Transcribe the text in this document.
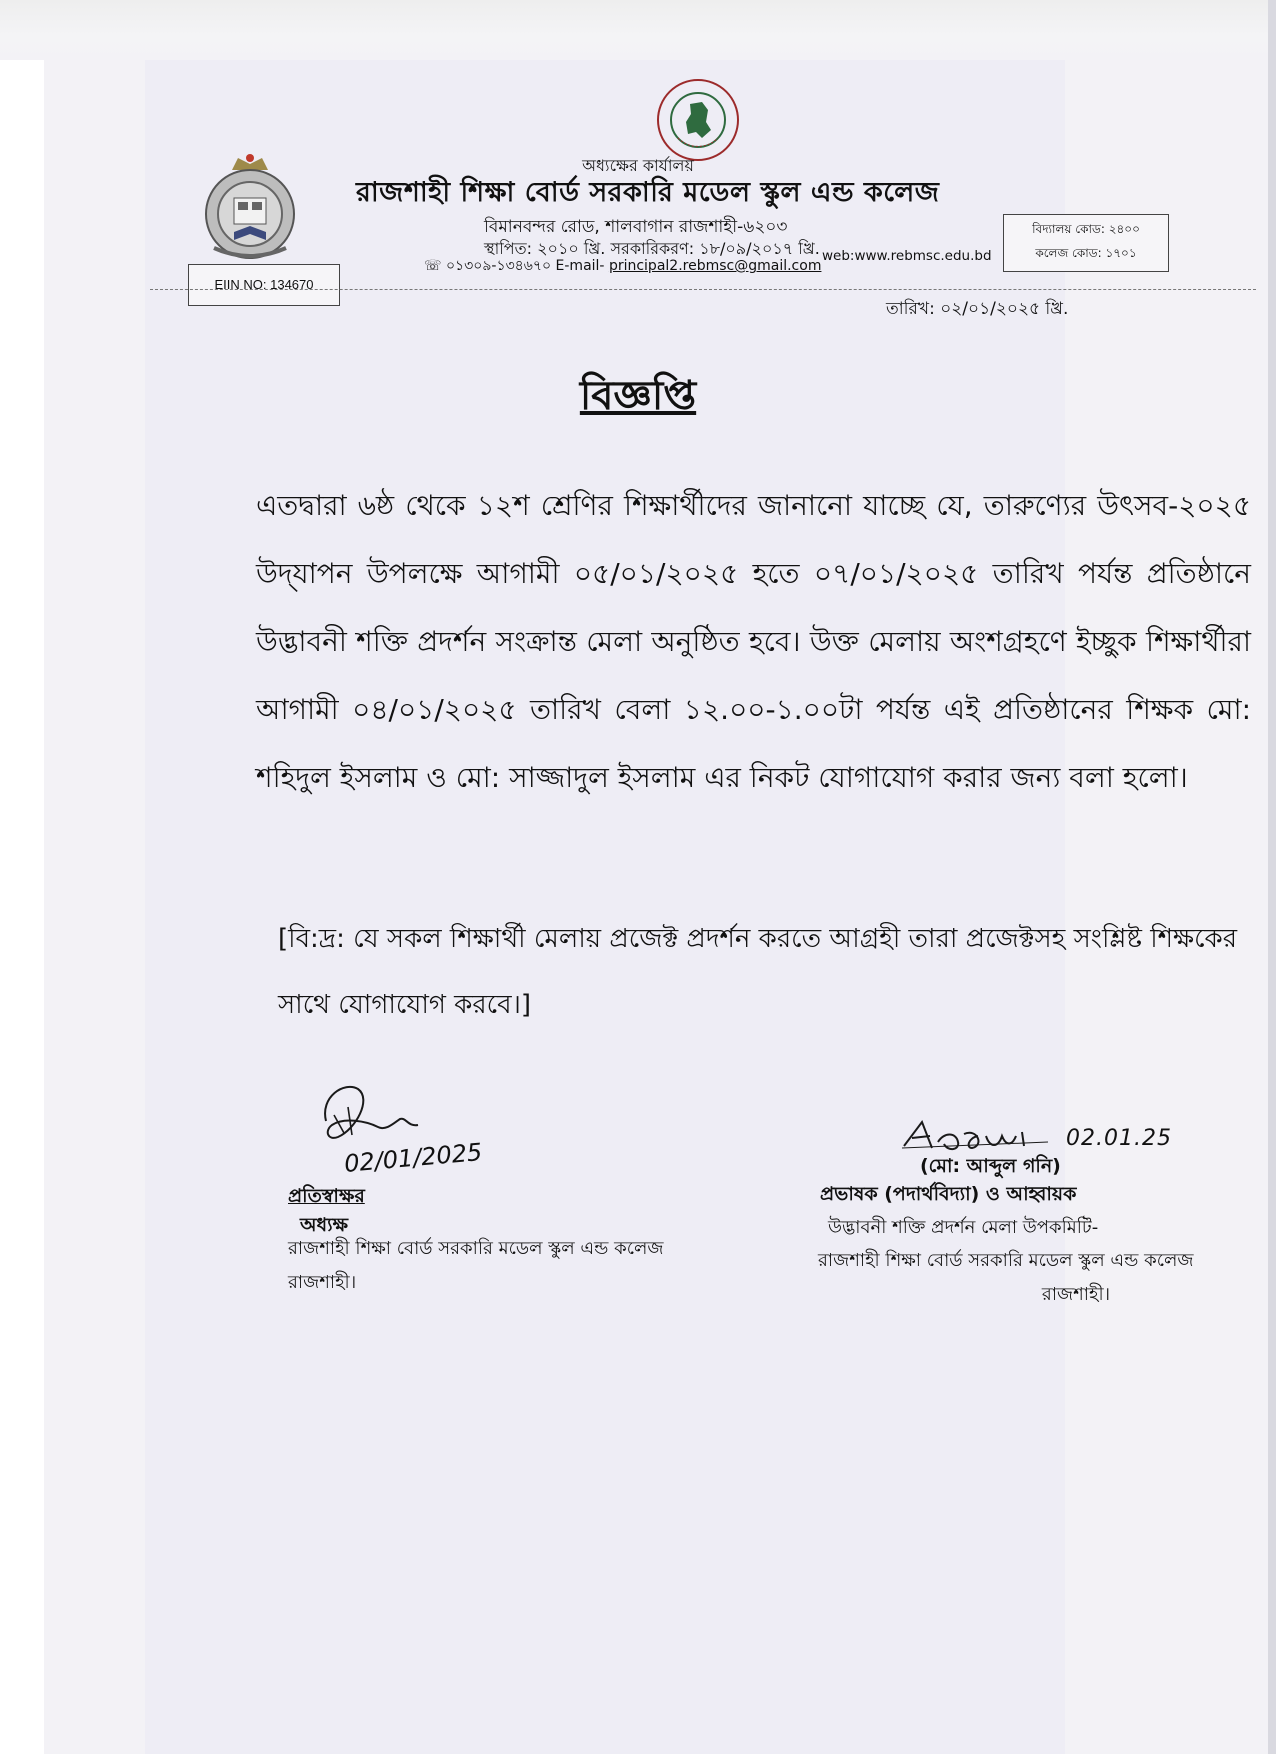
অধ্যক্ষের কার্যালয়
রাজশাহী শিক্ষা বোর্ড সরকারি মডেল স্কুল এন্ড কলেজ
বিমানবন্দর রোড, শালবাগান রাজশাহী-৬২০৩
স্থাপিত: ২০১০ খ্রি. সরকারিকরণ: ১৮/০৯/২০১৭ খ্রি.
☏ ০১৩০৯-১৩৪৬৭০ E-mail- principal2.rebmsc@gmail.com
web:www.rebmsc.edu.bd
বিদ্যালয় কোড: ২৪০০
কলেজ কোড: ১৭০১
EIIN NO: 134670
তারিখ: ০২/০১/২০২৫ খ্রি.
বিজ্ঞপ্তি
এতদ্বারা ৬ষ্ঠ থেকে ১২শ শ্রেণির শিক্ষার্থীদের জানানো যাচ্ছে যে, তারুণ্যের উৎসব-২০২৫ উদ্‌যাপন উপলক্ষে আগামী ০৫/০১/২০২৫ হতে ০৭/০১/২০২৫ তারিখ পর্যন্ত প্রতিষ্ঠানে উদ্ভাবনী শক্তি প্রদর্শন সংক্রান্ত মেলা অনুষ্ঠিত হবে। উক্ত মেলায় অংশগ্রহণে ইচ্ছুক শিক্ষার্থীরা আগামী ০৪/০১/২০২৫ তারিখ বেলা ১২.০০-১.০০টা পর্যন্ত এই প্রতিষ্ঠানের শিক্ষক মো: শহিদুল ইসলাম ও মো: সাজ্জাদুল ইসলাম এর নিকট যোগাযোগ করার জন্য বলা হলো।
[বি:দ্র: যে সকল শিক্ষার্থী মেলায় প্রজেক্ট প্রদর্শন করতে আগ্রহী তারা প্রজেক্টসহ সংশ্লিষ্ট শিক্ষকের সাথে যোগাযোগ করবে।]
02/01/2025
প্রতিস্বাক্ষর
অধ্যক্ষ
রাজশাহী শিক্ষা বোর্ড সরকারি মডেল স্কুল এন্ড কলেজ
রাজশাহী।
02.01.25
(মো: আব্দুল গনি)
প্রভাষক (পদার্থবিদ্যা) ও আহ্বায়ক
উদ্ভাবনী শক্তি প্রদর্শন মেলা উপকমিটি-
রাজশাহী শিক্ষা বোর্ড সরকারি মডেল স্কুল এন্ড কলেজ
রাজশাহী।
